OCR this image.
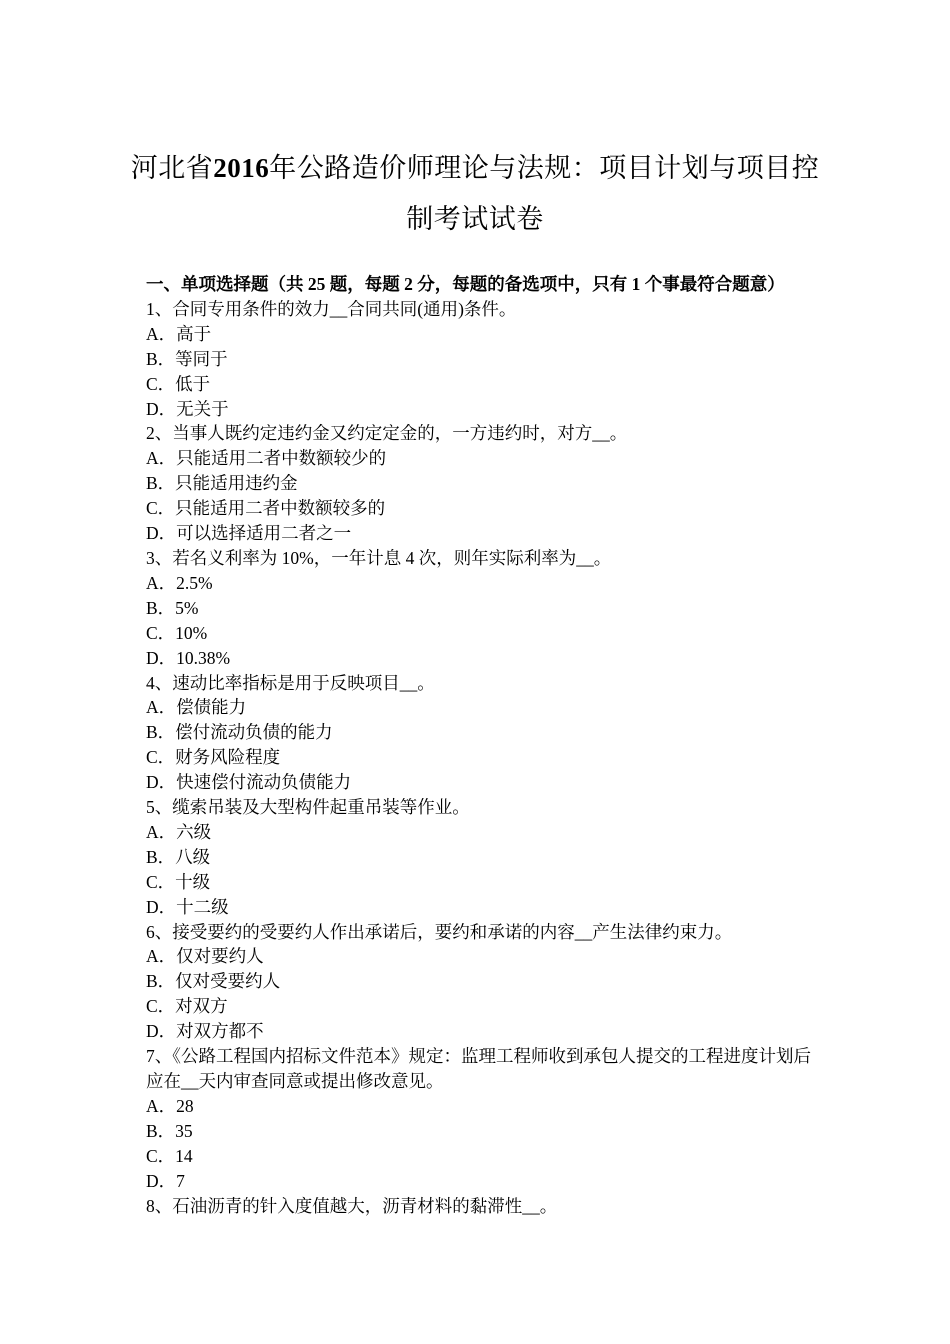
河北省2016年公路造价师理论与法规：项目计划与项目控
制考试试卷
一、单项选择题（共 25 题，每题 2 分，每题的备选项中，只有 1 个事最符合题意）
1、合同专用条件的效力__合同共同(通用)条件。
A．高于
B．等同于
C．低于
D．无关于
2、当事人既约定违约金又约定定金的，一方违约时，对方__。
A．只能适用二者中数额较少的
B．只能适用违约金
C．只能适用二者中数额较多的
D．可以选择适用二者之一
3、若名义利率为 10%，一年计息 4 次，则年实际利率为__。
A．2.5%
B．5%
C．10%
D．10.38%
4、速动比率指标是用于反映项目__。
A．偿债能力
B．偿付流动负债的能力
C．财务风险程度
D．快速偿付流动负债能力
5、缆索吊装及大型构件起重吊装等作业。
A．六级
B．八级
C．十级
D．十二级
6、接受要约的受要约人作出承诺后，要约和承诺的内容__产生法律约束力。
A．仅对要约人
B．仅对受要约人
C．对双方
D．对双方都不
7、《公路工程国内招标文件范本》规定：监理工程师收到承包人提交的工程进度计划后应在__天内审查同意或提出修改意见。
A．28
B．35
C．14
D．7
8、石油沥青的针入度值越大，沥青材料的黏滞性__。
